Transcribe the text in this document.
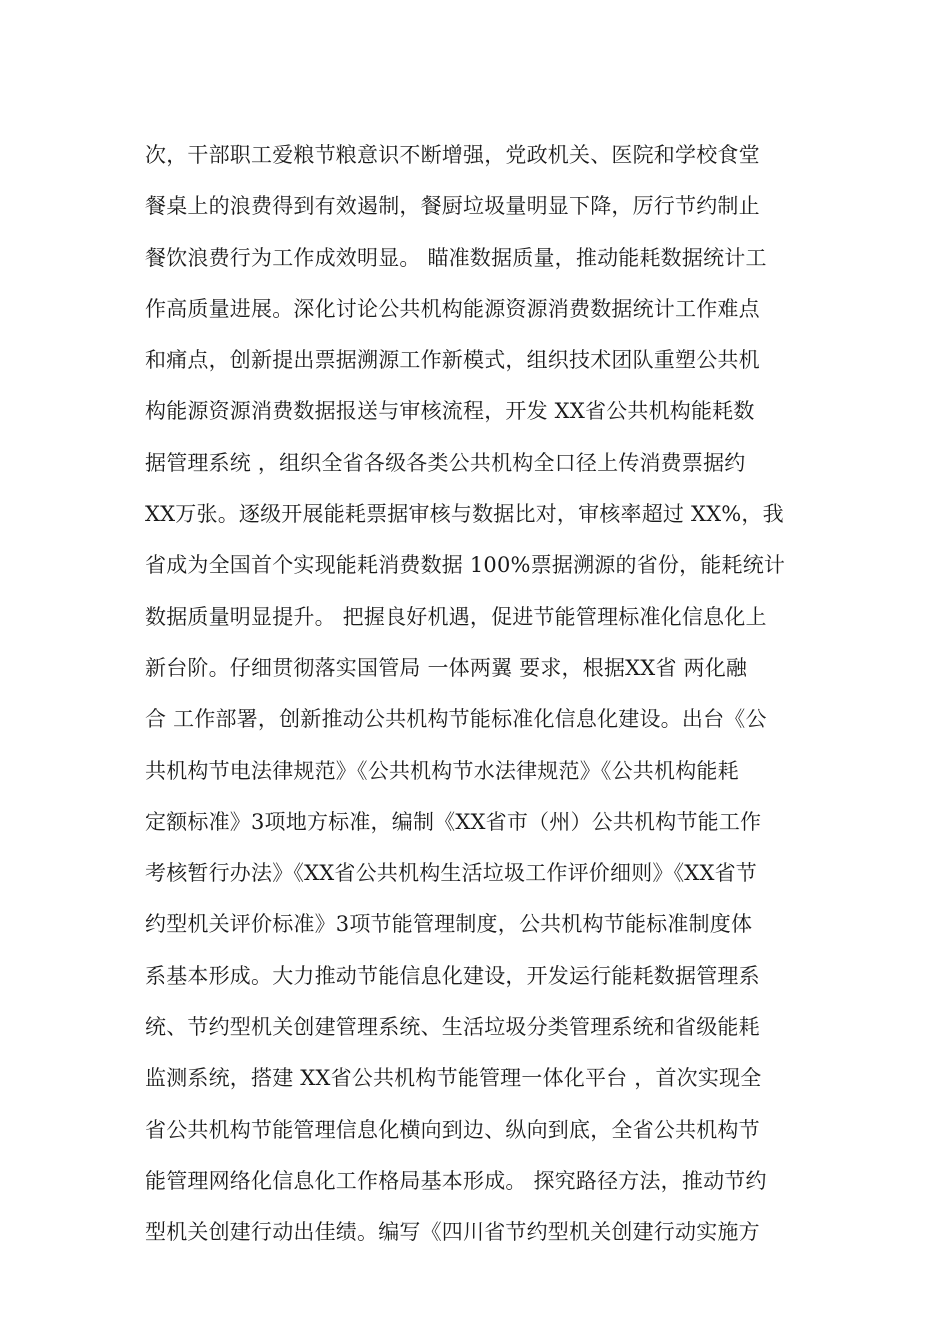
次，干部职工爱粮节粮意识不断增强，党政机关、医院和学校食堂
餐桌上的浪费得到有效遏制，餐厨垃圾量明显下降，厉行节约制止
餐饮浪费行为工作成效明显。 瞄准数据质量，推动能耗数据统计工
作高质量进展。深化讨论公共机构能源资源消费数据统计工作难点
和痛点，创新提出票据溯源工作新模式，组织技术团队重塑公共机
构能源资源消费数据报送与审核流程，开发 XX省公共机构能耗数
据管理系统 ，组织全省各级各类公共机构全口径上传消费票据约
XX万张。逐级开展能耗票据审核与数据比对，审核率超过 XX%，我
省成为全国首个实现能耗消费数据 100%票据溯源的省份，能耗统计
数据质量明显提升。 把握良好机遇，促进节能管理标准化信息化上
新台阶。仔细贯彻落实国管局 一体两翼 要求，根据XX省 两化融
合 工作部署，创新推动公共机构节能标准化信息化建设。出台《公
共机构节电法律规范》《公共机构节水法律规范》《公共机构能耗
定额标准》3项地方标准，编制《XX省市（州）公共机构节能工作
考核暂行办法》《XX省公共机构生活垃圾工作评价细则》《XX省节
约型机关评价标准》3项节能管理制度，公共机构节能标准制度体
系基本形成。大力推动节能信息化建设，开发运行能耗数据管理系
统、节约型机关创建管理系统、生活垃圾分类管理系统和省级能耗
监测系统，搭建 XX省公共机构节能管理一体化平台 ，首次实现全
省公共机构节能管理信息化横向到边、纵向到底，全省公共机构节
能管理网络化信息化工作格局基本形成。 探究路径方法，推动节约
型机关创建行动出佳绩。编写《四川省节约型机关创建行动实施方
